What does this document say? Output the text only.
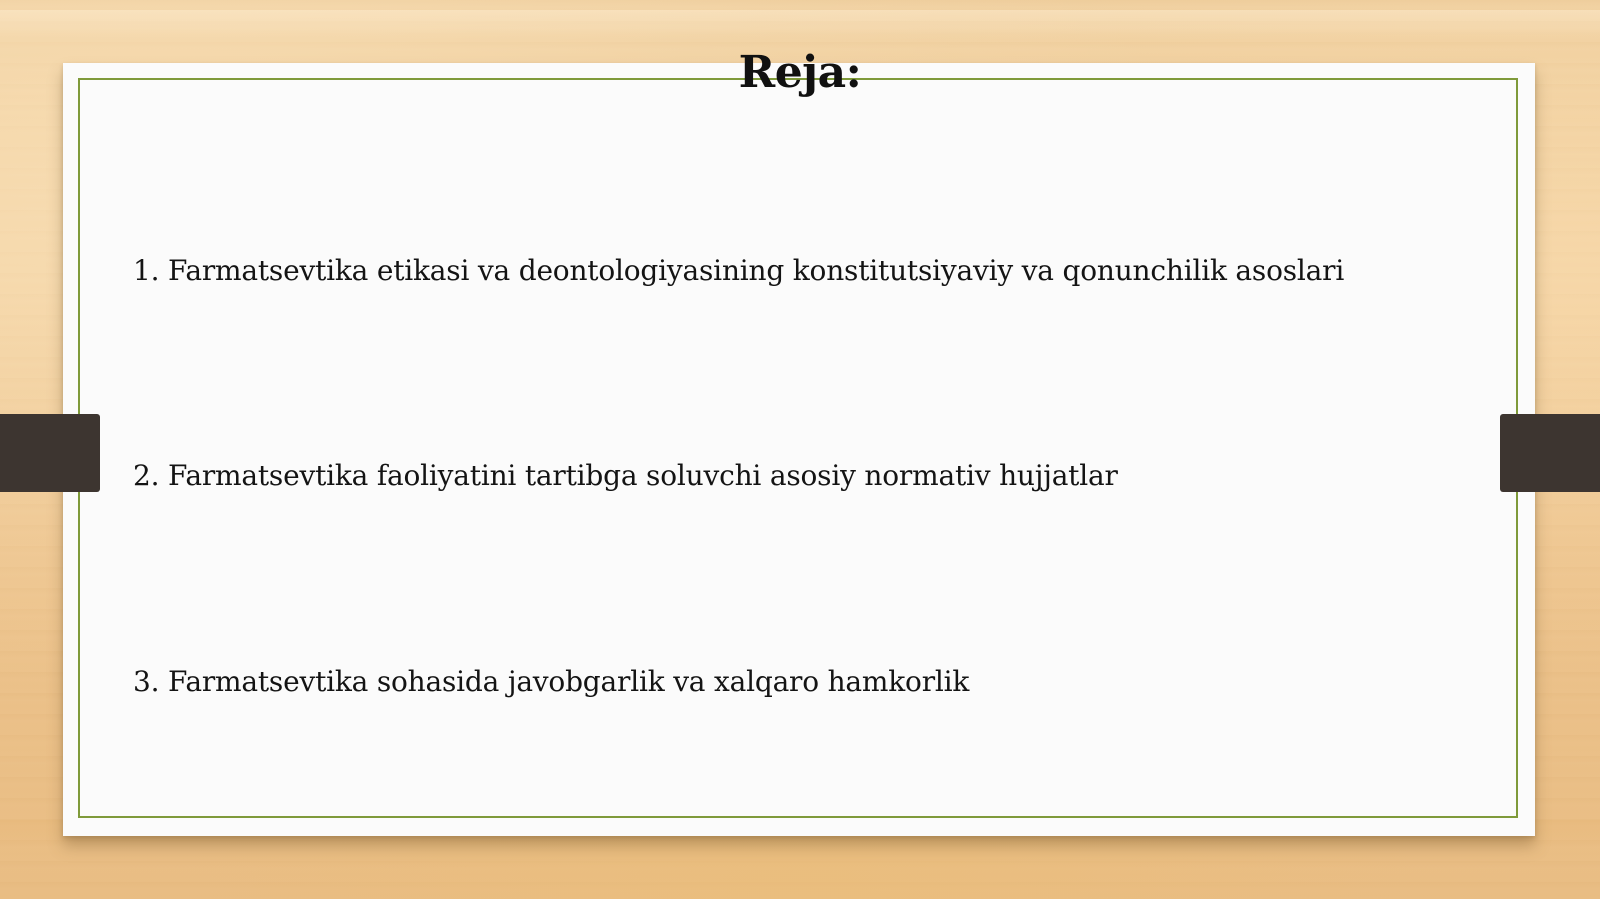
Reja:
1. Farmatsevtika etikasi va deontologiyasining konstitutsiyaviy va qonunchilik asoslari
2. Farmatsevtika faoliyatini tartibga soluvchi asosiy normativ hujjatlar
3. Farmatsevtika sohasida javobgarlik va xalqaro hamkorlik
